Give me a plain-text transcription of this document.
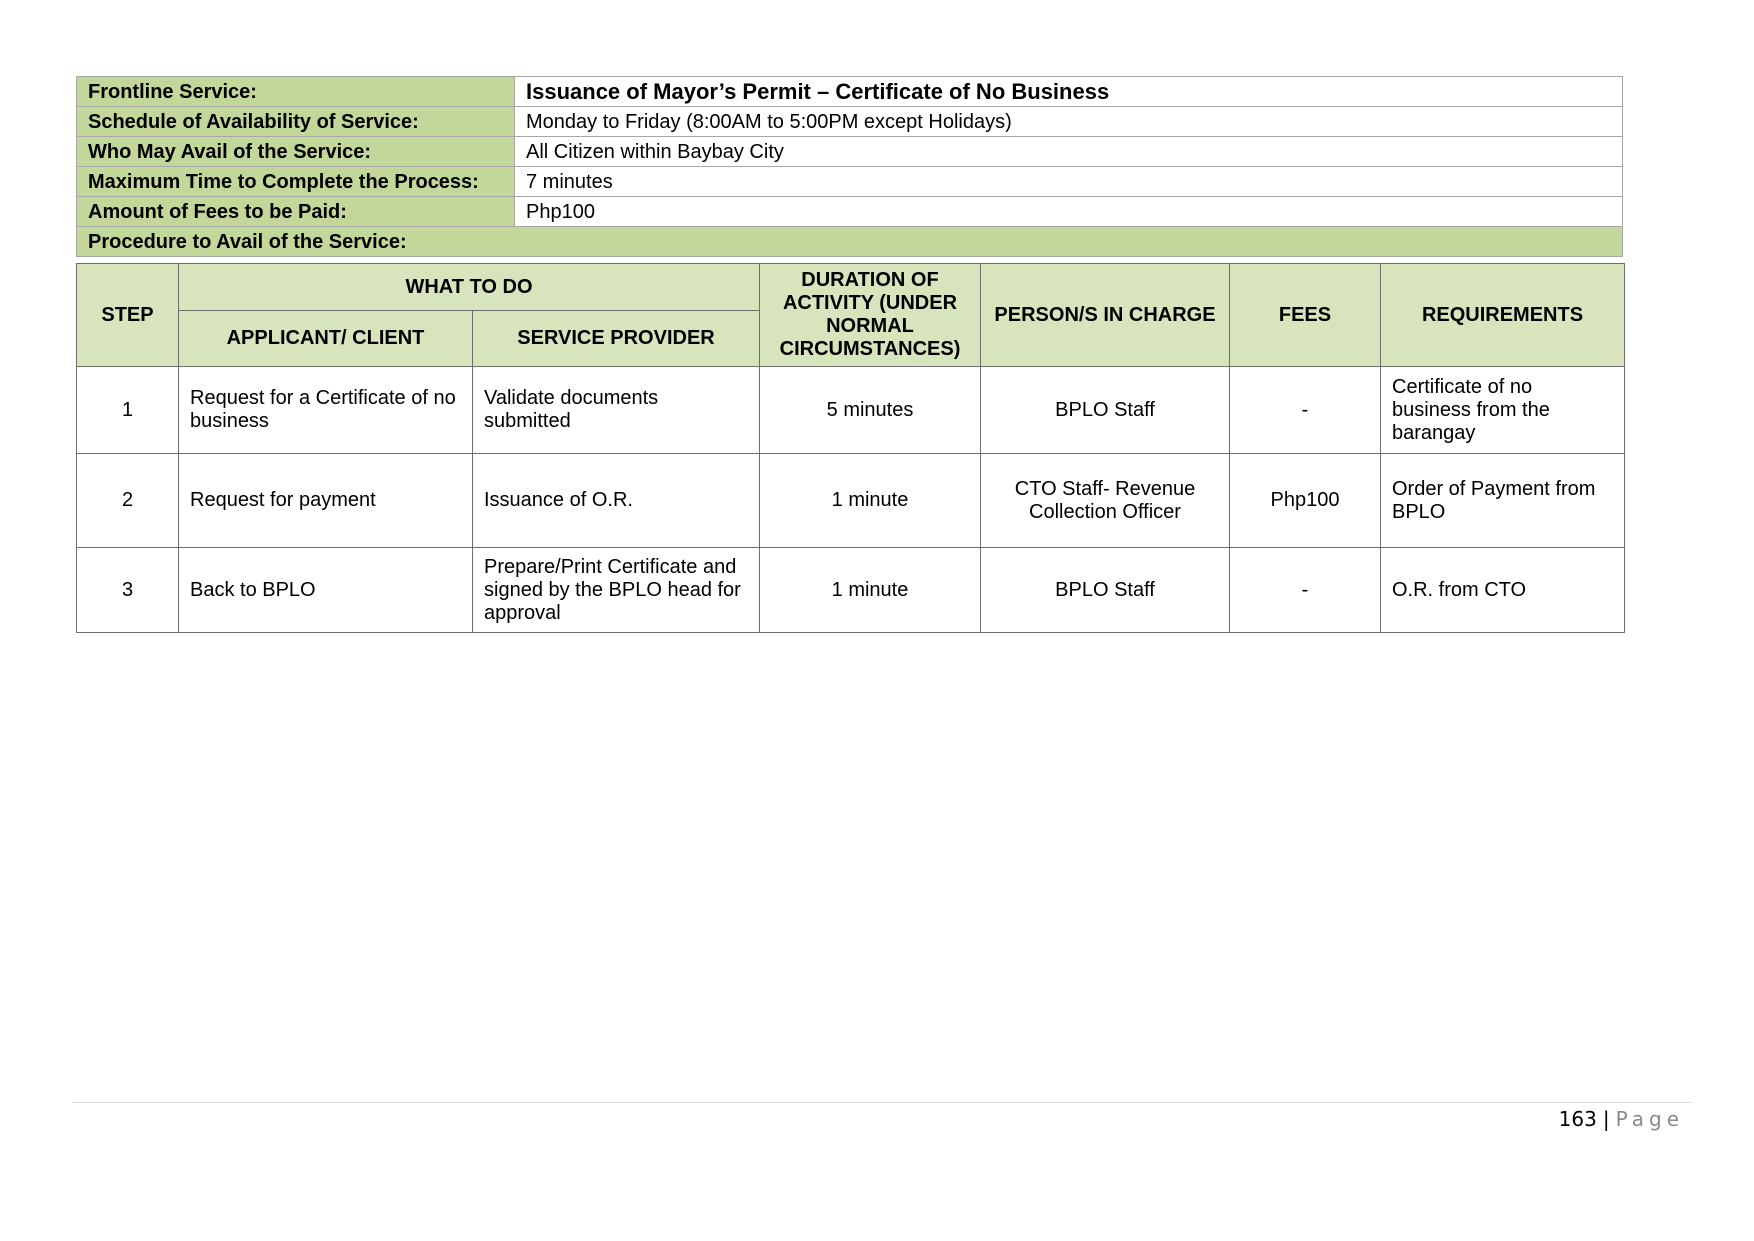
Frontline Service:	Issuance of Mayor’s Permit – Certificate of No Business
Schedule of Availability of Service:	Monday to Friday (8:00AM to 5:00PM except Holidays)
Who May Avail of the Service:	All Citizen within Baybay City
Maximum Time to Complete the Process:	7 minutes
Amount of Fees to be Paid:	Php100
Procedure to Avail of the Service:	
STEP	WHAT TO DO		DURATION OF ACTIVITY (UNDER NORMAL CIRCUMSTANCES)	PERSON/S IN CHARGE	FEES	REQUIREMENTS
	APPLICANT/ CLIENT	SERVICE PROVIDER				
1	Request for a Certificate of no business	Validate documents submitted	5 minutes	BPLO Staff	-	Certificate of no business from the barangay
2	Request for payment	Issuance of O.R.	1 minute	CTO Staff- Revenue Collection Officer	Php100	Order of Payment from BPLO
3	Back to BPLO	Prepare/Print Certificate and signed by the BPLO head for approval	1 minute	BPLO Staff	-	O.R. from CTO
163 | Page
